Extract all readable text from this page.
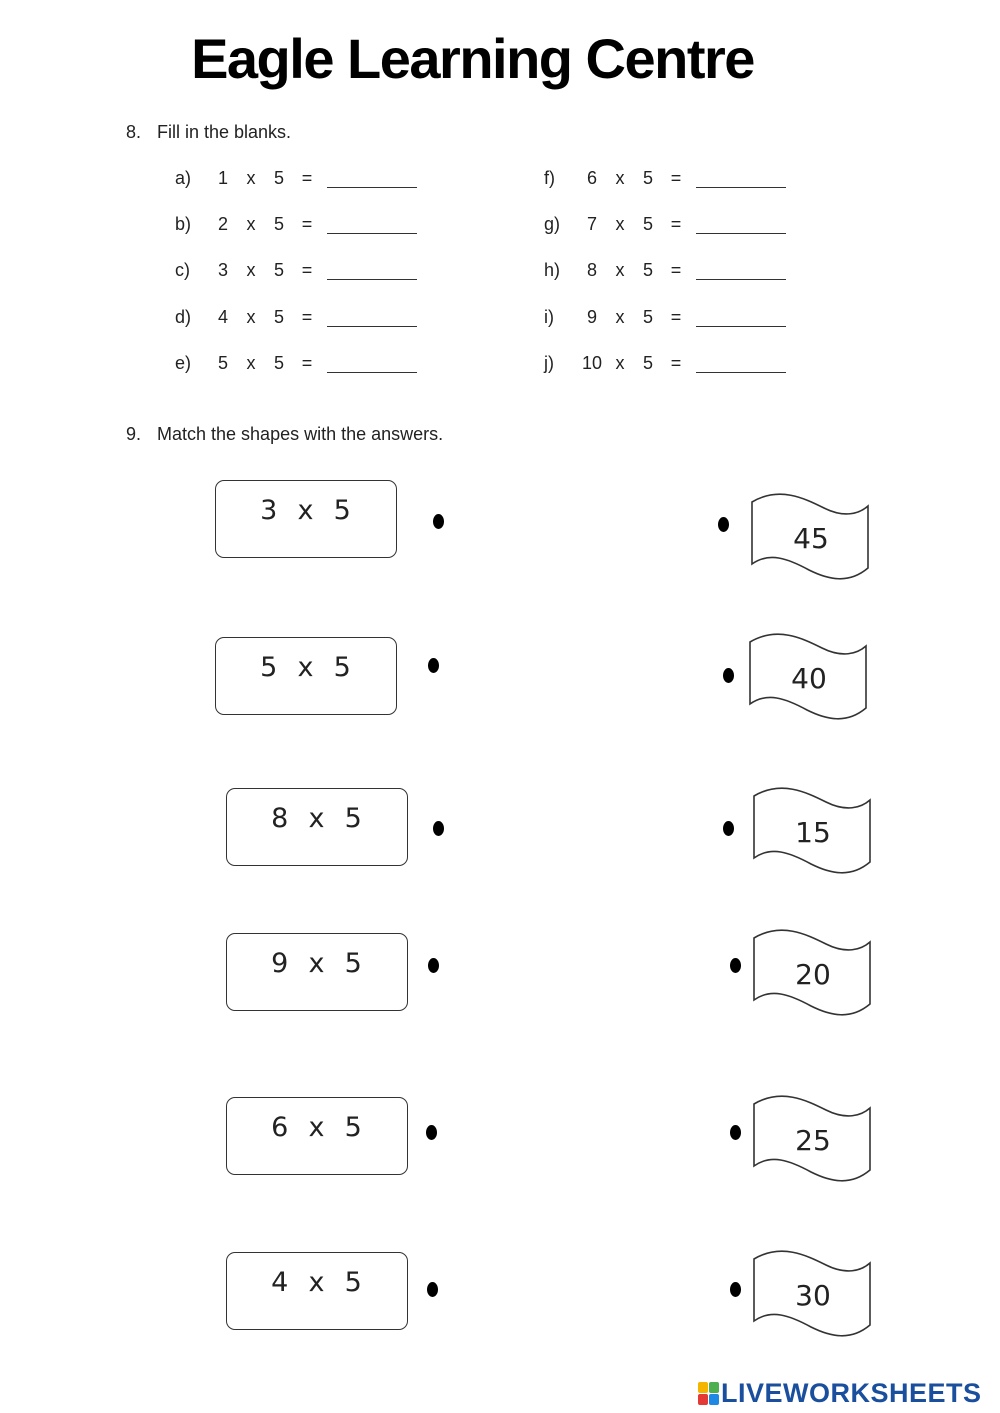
Eagle Learning Centre
8. Fill in the blanks.
a) 1 x 5 =
b) 2 x 5 =
c) 3 x 5 =
d) 4 x 5 =
e) 5 x 5 =
f) 6 x 5 =
g) 7 x 5 =
h) 8 x 5 =
i) 9 x 5 =
j) 10 x 5 =
9. Match the shapes with the answers.
3  x  5
45
5  x  5	40
8  x  5	15
9  x  5	20
6  x  5	25
4  x  5	30
LIVEWORKSHEETS
